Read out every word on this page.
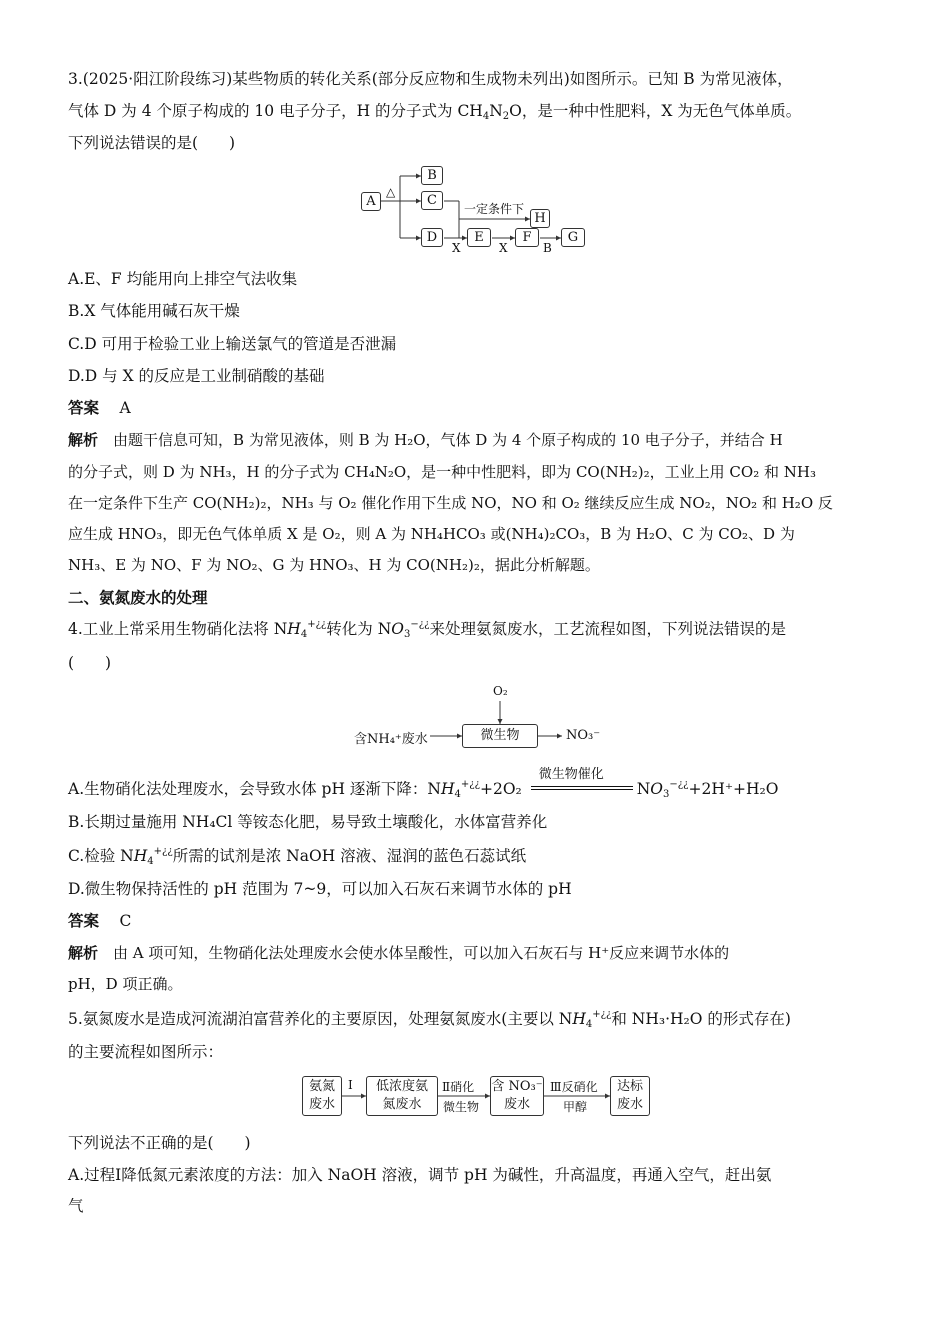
3.(2025·阳江阶段练习)某些物质的转化关系(部分反应物和生成物未列出)如图所示。已知 B 为常见液体，
气体 D 为 4 个原子构成的 10 电子分子，H 的分子式为 $CH_4N_2O$，是一种中性肥料，X 为无色气体单质。
下列说法错误的是(　　)
A
△
B
C
D
一定条件下
H
E	F	G
X	X	B
A.E、F 均能用向上排空气法收集
B.X 气体能用碱石灰干燥
C.D 可用于检验工业上输送氯气的管道是否泄漏
D.D 与 X 的反应是工业制硝酸的基础
答案　 A
解析　 由题干信息可知，B 为常见液体，则 B 为 H₂O，气体 D 为 4 个原子构成的 10 电子分子，并结合 H
的分子式，则 D 为 NH₃，H 的分子式为 CH₄N₂O，是一种中性肥料，即为 CO(NH₂)₂，工业上用 CO₂ 和 NH₃
在一定条件下生产 CO(NH₂)₂，NH₃ 与 O₂ 催化作用下生成 NO，NO 和 O₂ 继续反应生成 NO₂，NO₂ 和 H₂O 反
应生成 HNO₃，即无色气体单质 X 是 O₂，则 A 为 NH₄HCO₃ 或(NH₄)₂CO₃，B 为 H₂O、C 为 CO₂、D 为
NH₃、E 为 NO、F 为 NO₂、G 为 HNO₃、H 为 CO(NH₂)₂，据此分析解题。
二、氨氮废水的处理
4.工业上常采用生物硝化法将 $NH_4^{+¿¿}$转化为 $NO_3^{-¿¿}$来处理氨氮废水，工艺流程如图，下列说法错误的是
(　　)
O₂
含NH₄⁺废水	微生物	NO₃⁻
A.生物硝化法处理废水，会导致水体 pH 逐渐下降：$NH_4^{+¿¿}+2O_2$
微生物催化
$NO_3^{-¿¿}+2H^++H_2O$
B.长期过量施用 NH₄Cl 等铵态化肥，易导致土壤酸化，水体富营养化
C.检验 $NH_4^{+¿¿}$所需的试剂是浓 NaOH 溶液、湿润的蓝色石蕊试纸
D.微生物保持活性的 pH 范围为 7~9，可以加入石灰石来调节水体的 pH
答案　 C
解析　 由 A 项可知，生物硝化法处理废水会使水体呈酸性，可以加入石灰石与 H⁺反应来调节水体的
pH，D 项正确。
5.氨氮废水是造成河流湖泊富营养化的主要原因，处理氨氮废水(主要以 $NH_4^{+¿¿}$和 NH₃·H₂O 的形式存在)
的主要流程如图所示：
氨氮
废水
Ⅰ	低浓度氨
氮废水
Ⅱ硝化
微生物
含 NO₃⁻
废水
Ⅲ反硝化
甲醇
达标
废水
下列说法不正确的是(　　)
A.过程Ⅰ降低氮元素浓度的方法：加入 NaOH 溶液，调节 pH 为碱性，升高温度，再通入空气，赶出氨
气
